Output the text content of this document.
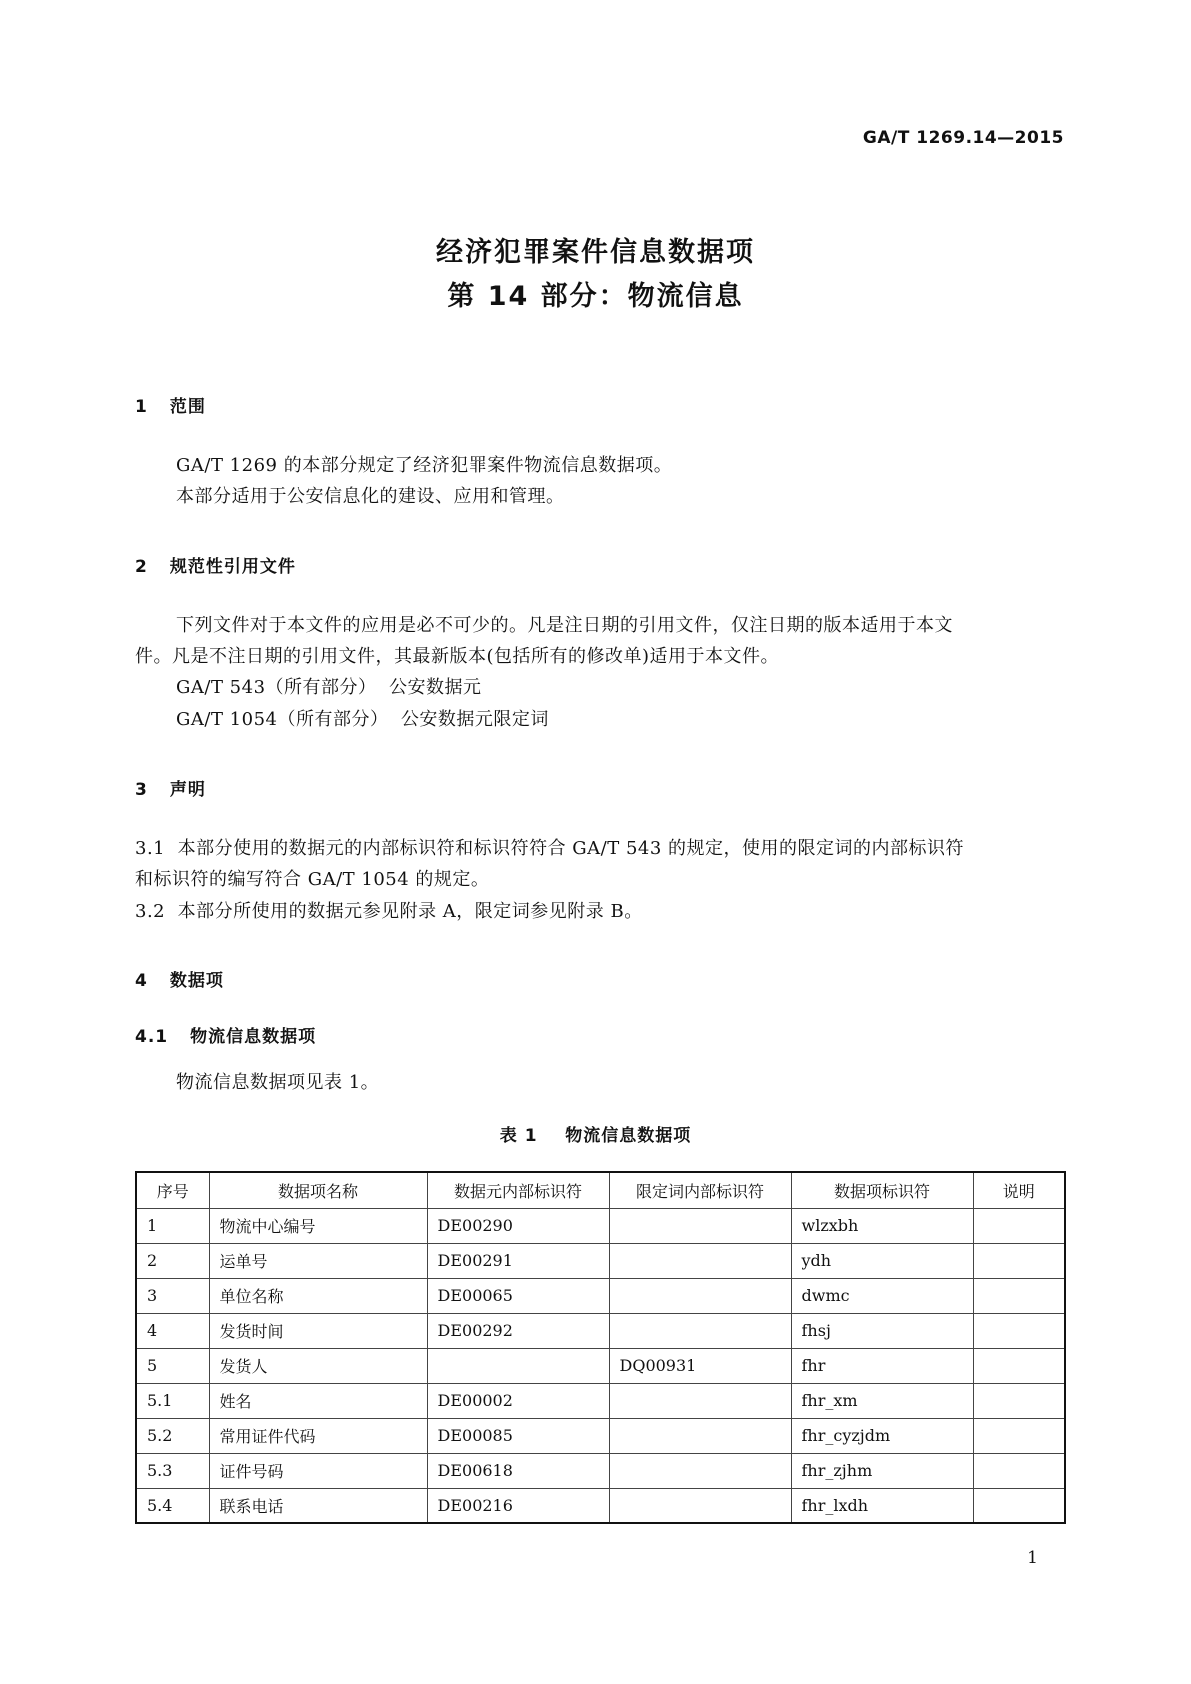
GA/T 1269.14—2015
经济犯罪案件信息数据项
第 14 部分：物流信息
1 范围
GA/T 1269 的本部分规定了经济犯罪案件物流信息数据项。
本部分适用于公安信息化的建设、应用和管理。
2 规范性引用文件
下列文件对于本文件的应用是必不可少的。凡是注日期的引用文件，仅注日期的版本适用于本文
件。凡是不注日期的引用文件，其最新版本(包括所有的修改单)适用于本文件。
GA/T 543（所有部分）  公安数据元
GA/T 1054（所有部分）  公安数据元限定词
3 声明
3.1  本部分使用的数据元的内部标识符和标识符符合 GA/T 543 的规定，使用的限定词的内部标识符
和标识符的编写符合 GA/T 1054 的规定。
3.2  本部分所使用的数据元参见附录 A，限定词参见附录 B。
4 数据项
4.1 物流信息数据项
物流信息数据项见表 1。
表 1    物流信息数据项
序号	数据项名称	数据元内部标识符	限定词内部标识符	数据项标识符	说明
1	物流中心编号	DE00290		wlzxbh	
2	运单号	DE00291		ydh	
3	单位名称	DE00065		dwmc	
4	发货时间	DE00292		fhsj	
5	发货人		DQ00931	fhr	
5.1	姓名	DE00002		fhr_xm	
5.2	常用证件代码	DE00085		fhr_cyzjdm	
5.3	证件号码	DE00618		fhr_zjhm	
5.4	联系电话	DE00216		fhr_lxdh	
1
